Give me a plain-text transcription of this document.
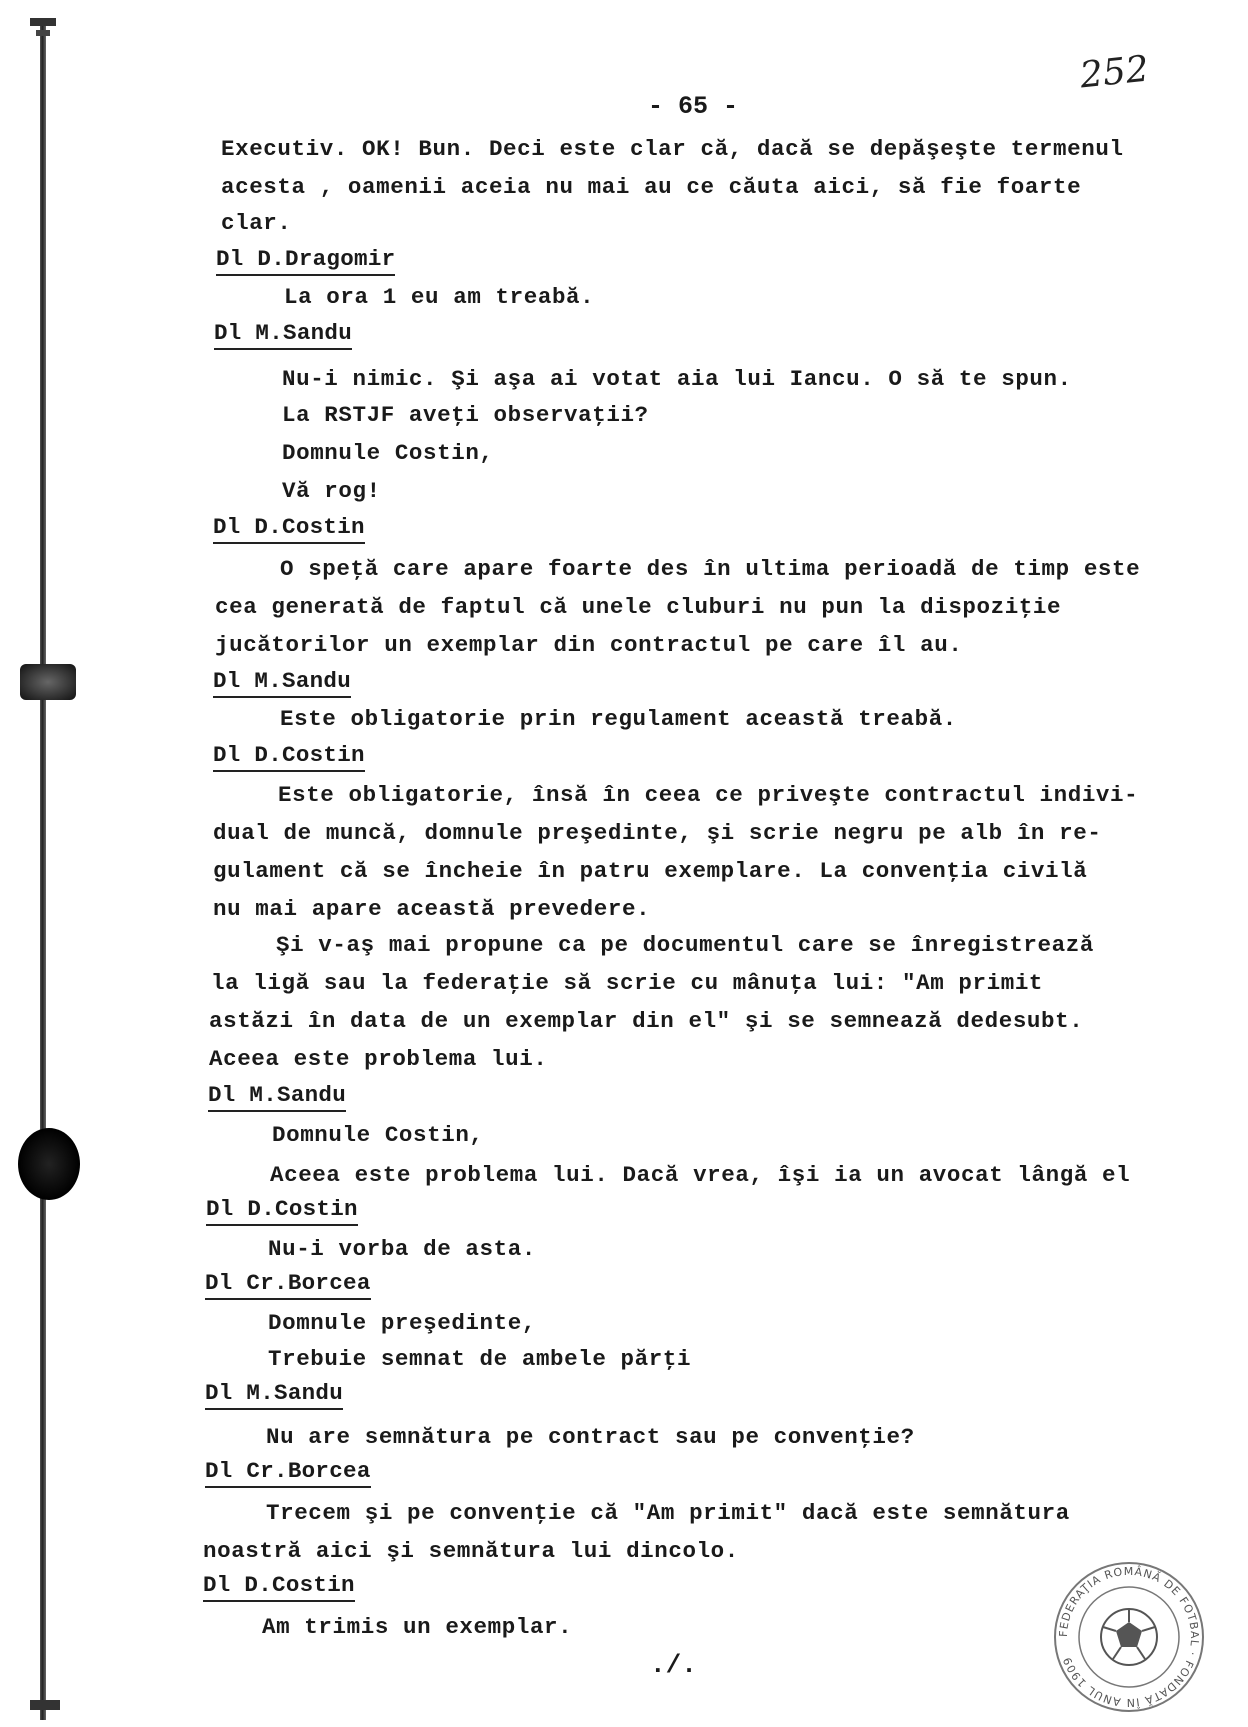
252
- 65 -
Executiv. OK! Bun. Deci este clar că, dacă se depăşeşte termenul
acesta , oamenii aceia nu mai au ce căuta aici, să fie foarte
clar.
Dl D.Dragomir
La ora 1 eu am treabă.
Dl M.Sandu
Nu-i nimic. Şi aşa ai votat aia lui Iancu. O să te spun.
La RSTJF aveţi observaţii?
Domnule Costin,
Vă rog!
Dl D.Costin
O speţă care apare foarte des în ultima perioadă de timp este
cea generată de faptul că unele cluburi nu pun la dispoziţie
jucătorilor un exemplar din contractul pe care îl au.
Dl M.Sandu
Este obligatorie prin regulament această treabă.
Dl D.Costin
Este obligatorie, însă în ceea ce priveşte contractul indivi-
dual de muncă, domnule preşedinte, şi scrie negru pe alb în re-
gulament că se încheie în patru exemplare. La convenţia civilă
nu mai apare această prevedere.
Şi v-aş mai propune ca pe documentul care se înregistrează
la ligă sau la federaţie să scrie cu mânuţa lui: "Am primit
astăzi în data de un exemplar din el" şi se semnează dedesubt.
Aceea este problema lui.
Dl M.Sandu
Domnule Costin,
Aceea este problema lui. Dacă vrea, îşi ia un avocat lângă el
Dl D.Costin
Nu-i vorba de asta.
Dl Cr.Borcea
Domnule preşedinte,
Trebuie semnat de ambele părţi
Dl M.Sandu
Nu are semnătura pe contract sau pe convenţie?
Dl Cr.Borcea
Trecem şi pe convenţie că "Am primit" dacă este semnătura
noastră aici şi semnătura lui dincolo.
Dl D.Costin
Am trimis un exemplar.
./.
FEDERAŢIA ROMÂNĂ DE FOTBAL · FONDATĂ ÎN ANUL 1909
